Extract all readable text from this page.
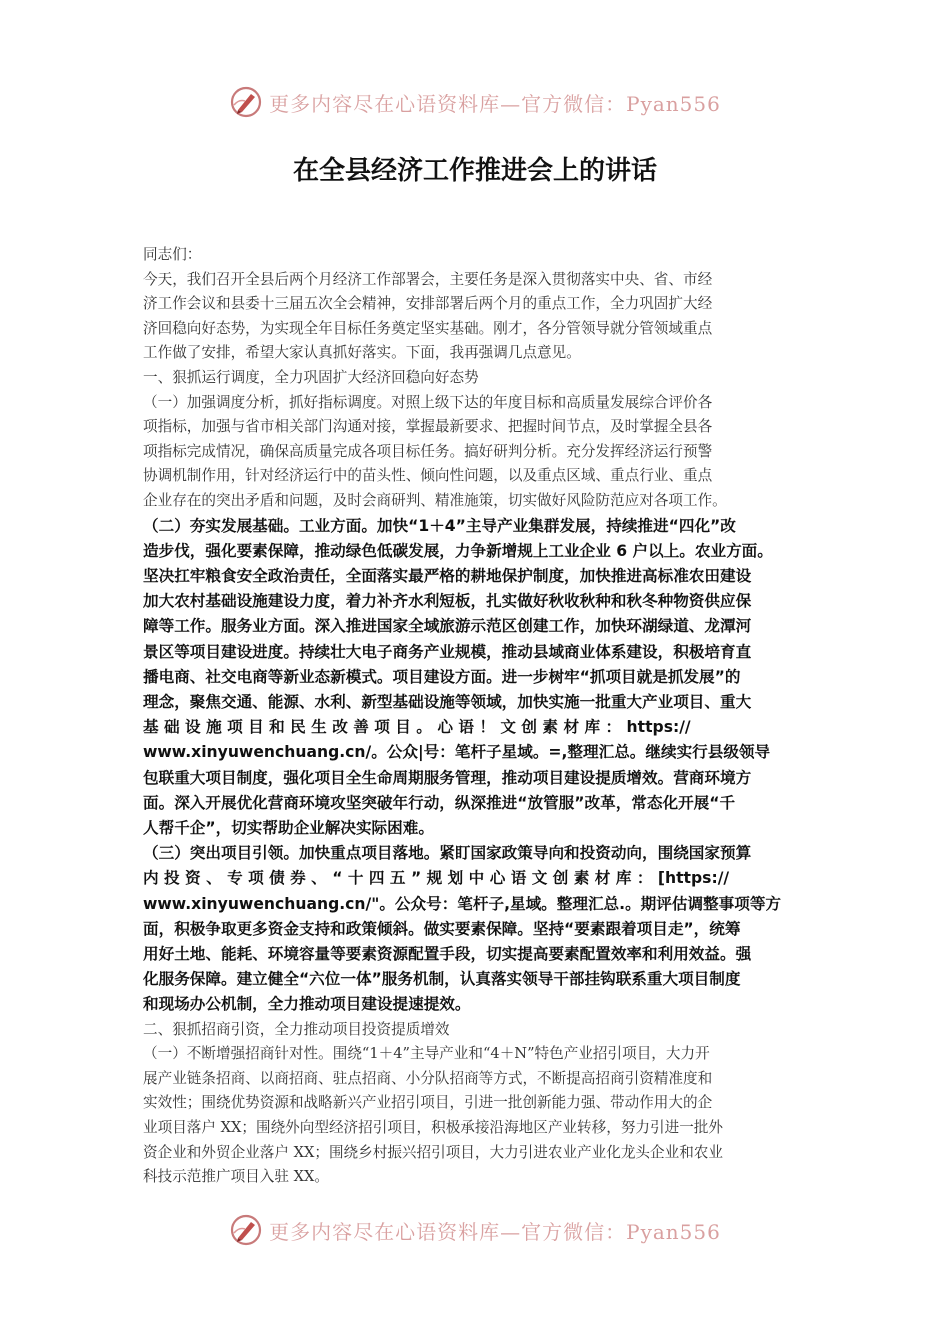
更多内容尽在心语资料库—官方微信：Pyan556
在全县经济工作推进会上的讲话

同志们：

今天，我们召开全县后两个月经济工作部署会，主要任务是深入贯彻落实中央、省、市经
济工作会议和县委十三届五次全会精神，安排部署后两个月的重点工作，全力巩固扩大经
济回稳向好态势，为实现全年目标任务奠定坚实基础。刚才，各分管领导就分管领域重点
工作做了安排，希望大家认真抓好落实。下面，我再强调几点意见。

一、狠抓运行调度，全力巩固扩大经济回稳向好态势

（一）加强调度分析，抓好指标调度。对照上级下达的年度目标和高质量发展综合评价各
项指标，加强与省市相关部门沟通对接，掌握最新要求、把握时间节点，及时掌握全县各
项指标完成情况，确保高质量完成各项目标任务。搞好研判分析。充分发挥经济运行预警
协调机制作用，针对经济运行中的苗头性、倾向性问题，以及重点区域、重点行业、重点
企业存在的突出矛盾和问题，及时会商研判、精准施策，切实做好风险防范应对各项工作。

（二）夯实发展基础。工业方面。加快“1＋4”主导产业集群发展，持续推进“四化”改
造步伐，强化要素保障，推动绿色低碳发展，力争新增规上工业企业 6 户以上。农业方面。
坚决扛牢粮食安全政治责任，全面落实最严格的耕地保护制度，加快推进高标准农田建设
加大农村基础设施建设力度，着力补齐水利短板，扎实做好秋收秋种和秋冬种物资供应保
障等工作。服务业方面。深入推进国家全域旅游示范区创建工作，加快环湖绿道、龙潭河
景区等项目建设进度。持续壮大电子商务产业规模，推动县域商业体系建设，积极培育直
播电商、社交电商等新业态新模式。项目建设方面。进一步树牢“抓项目就是抓发展”的
理念，聚焦交通、能源、水利、新型基础设施等领域，加快实施一批重大产业项目、重大
基 础 设 施 项 目 和 民 生 改 善 项 目 。 心 语 ！ 文 创 素 材 库 ： https://
www.xinyuwenchuang.cn/。公众|号：笔杆子星域。=,整理汇总。继续实行县级领导
包联重大项目制度，强化项目全生命周期服务管理，推动项目建设提质增效。营商环境方
面。深入开展优化营商环境攻坚突破年行动，纵深推进“放管服”改革，常态化开展“千
人帮千企”，切实帮助企业解决实际困难。

（三）突出项目引领。加快重点项目落地。紧盯国家政策导向和投资动向，围绕国家预算
内 投 资 、 专 项 债 券 、 “ 十 四 五 ” 规 划 中 心 语 文 创 素 材 库 ： [https://
www.xinyuwenchuang.cn/"。公众号：笔杆子,星域。整理汇总.。期评估调整事项等方
面，积极争取更多资金支持和政策倾斜。做实要素保障。坚持“要素跟着项目走”，统筹
用好土地、能耗、环境容量等要素资源配置手段，切实提高要素配置效率和利用效益。强
化服务保障。建立健全“六位一体”服务机制，认真落实领导干部挂钩联系重大项目制度
和现场办公机制，全力推动项目建设提速提效。

二、狠抓招商引资，全力推动项目投资提质增效

（一）不断增强招商针对性。围绕“1＋4”主导产业和“4＋N”特色产业招引项目，大力开
展产业链条招商、以商招商、驻点招商、小分队招商等方式，不断提高招商引资精准度和
实效性；围绕优势资源和战略新兴产业招引项目，引进一批创新能力强、带动作用大的企
业项目落户 XX；围绕外向型经济招引项目，积极承接沿海地区产业转移，努力引进一批外
资企业和外贸企业落户 XX；围绕乡村振兴招引项目，大力引进农业产业化龙头企业和农业
科技示范推广项目入驻 XX。

更多内容尽在心语资料库—官方微信：Pyan556
